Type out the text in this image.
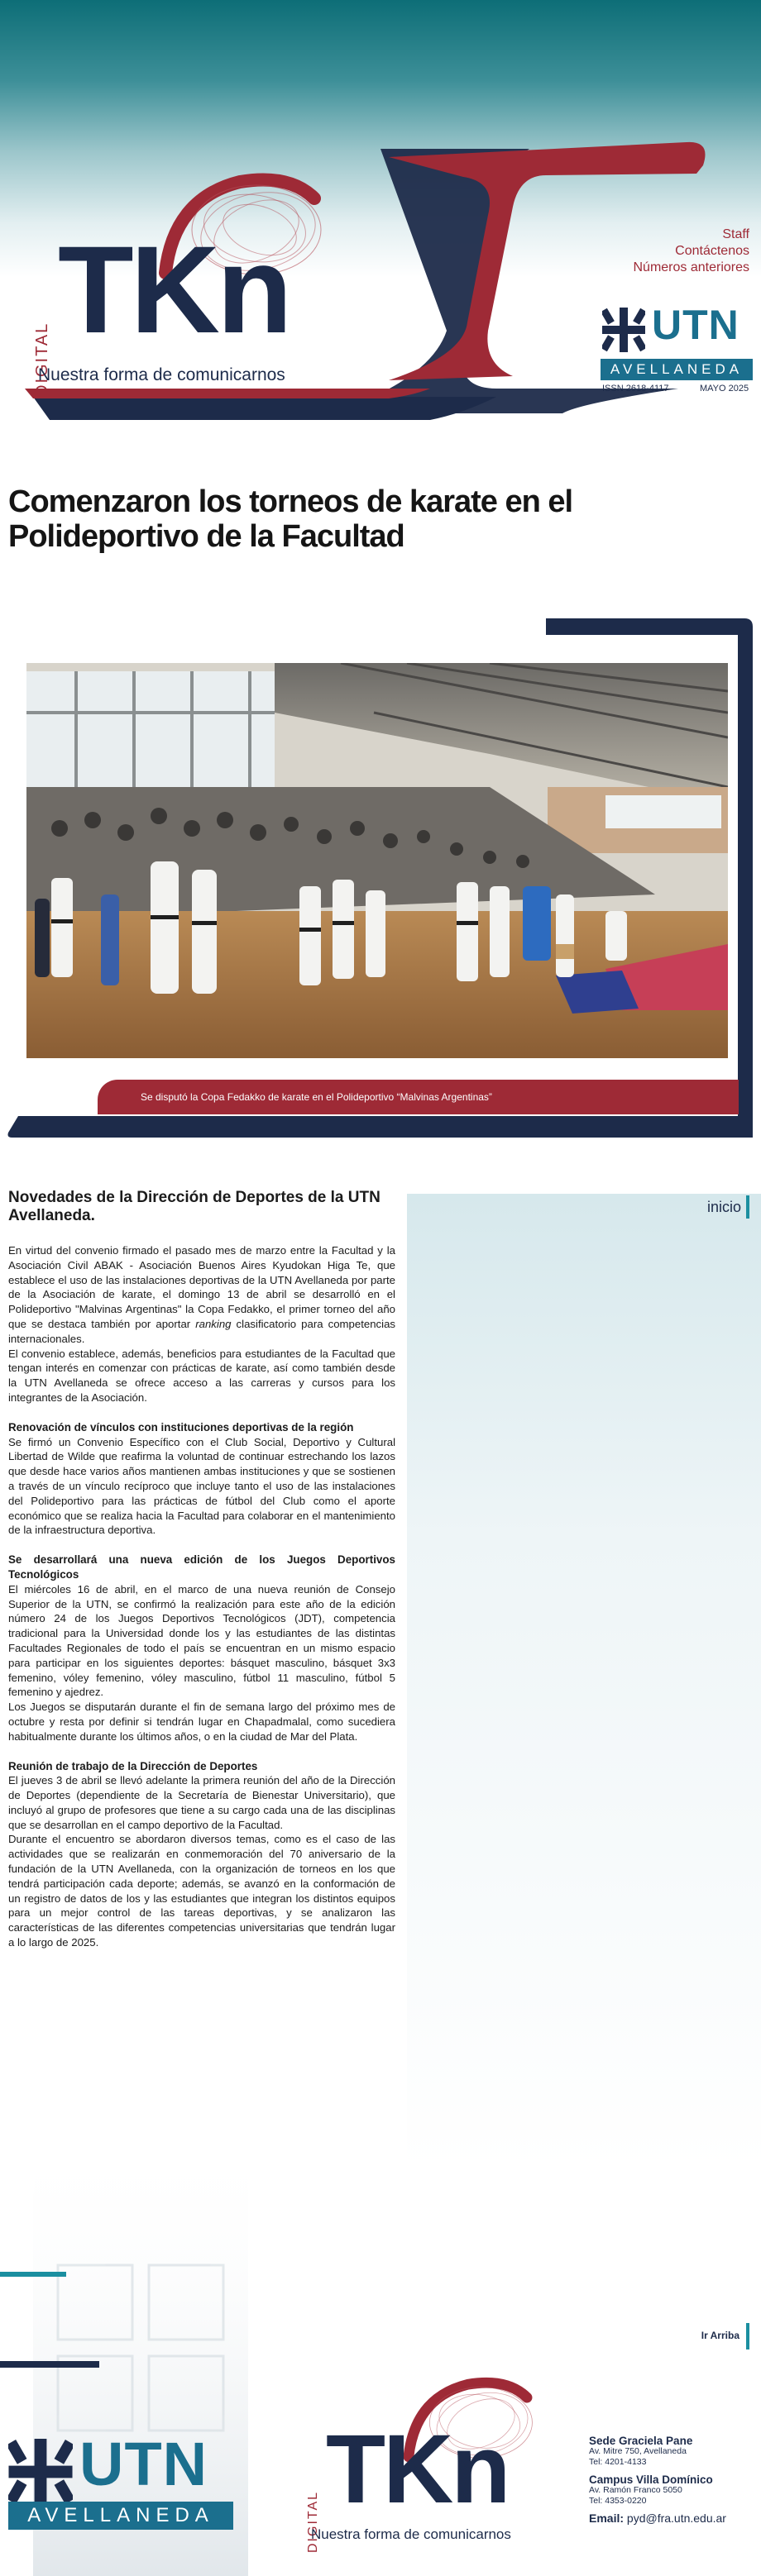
DIGITAL
TKn
Nuestra forma de comunicarnos
Staff
Contáctenos
Números anteriores
UTN
AVELLANEDA
ISSN 2618-4117	MAYO 2025
Comenzaron los torneos de karate en el Polideportivo de la Facultad
Se disputó la Copa Fedakko de karate en el Polideportivo “Malvinas Argentinas”
inicio
Novedades de la Dirección de Deportes de la UTN Avellaneda.

En virtud del convenio firmado el pasado mes de marzo entre la Facultad y la Asociación Civil ABAK - Asociación Buenos Aires Kyudokan Higa Te, que establece el uso de las instalaciones deportivas de la UTN Avellaneda por parte de la Asociación de karate, el domingo 13 de abril se desarrolló en el Polideportivo "Malvinas Argentinas" la Copa Fedakko, el primer torneo del año que se destaca también por aportar ranking clasificatorio para competencias internacionales.

El convenio establece, además, beneficios para estudiantes de la Facultad que tengan interés en comenzar con prácticas de karate, así como también desde la UTN Avellaneda se ofrece acceso a las carreras y cursos para los integrantes de la Asociación.

Renovación de vínculos con instituciones deportivas de la región

Se firmó un Convenio Específico con el Club Social, Deportivo y Cultural Libertad de Wilde que reafirma la voluntad de continuar estrechando los lazos que desde hace varios años mantienen ambas instituciones y que se sostienen a través de un vínculo recíproco que incluye tanto el uso de las instalaciones del Polideportivo para las prácticas de fútbol del Club como el aporte económico que se realiza hacia la Facultad para colaborar en el mantenimiento de la infraestructura deportiva.

Se desarrollará una nueva edición de los Juegos Deportivos Tecnológicos

El miércoles 16 de abril, en el marco de una nueva reunión de Consejo Superior de la UTN, se confirmó la realización para este año de la edición número 24 de los Juegos Deportivos Tecnológicos (JDT), competencia tradicional para la Universidad donde los y las estudiantes de las distintas Facultades Regionales de todo el país se encuentran en un mismo espacio para participar en los siguientes deportes: básquet masculino, básquet 3x3 femenino, vóley femenino, vóley masculino, fútbol 11 masculino, fútbol 5 femenino y ajedrez.

Los Juegos se disputarán durante el fin de semana largo del próximo mes de octubre y resta por definir si tendrán lugar en Chapadmalal, como sucediera habitualmente durante los últimos años, o en la ciudad de Mar del Plata.

Reunión de trabajo de la Dirección de Deportes

El jueves 3 de abril se llevó adelante la primera reunión del año de la Dirección de Deportes (dependiente de la Secretaría de Bienestar Universitario), que incluyó al grupo de profesores que tiene a su cargo cada una de las disciplinas que se desarrollan en el campo deportivo de la Facultad.

Durante el encuentro se abordaron diversos temas, como es el caso de las actividades que se realizarán en conmemoración del 70 aniversario de la fundación de la UTN Avellaneda, con la organización de torneos en los que tendrá participación cada deporte; además, se avanzó en la conformación de un registro de datos de los y las estudiantes que integran los distintos equipos para un mejor control de las tareas deportivas, y se analizaron las características de las diferentes competencias universitarias que tendrán lugar a lo largo de 2025.

Ir Arriba
UTN
AVELLANEDA	DIGITAL TKn
Nuestra forma de comunicarnos
Sede Graciela Pane
Av. Mitre 750, Avellaneda
Tel: 4201-4133
Campus Villa Domínico
Av. Ramón Franco 5050
Tel: 4353-0220
Email: pyd@fra.utn.edu.ar
